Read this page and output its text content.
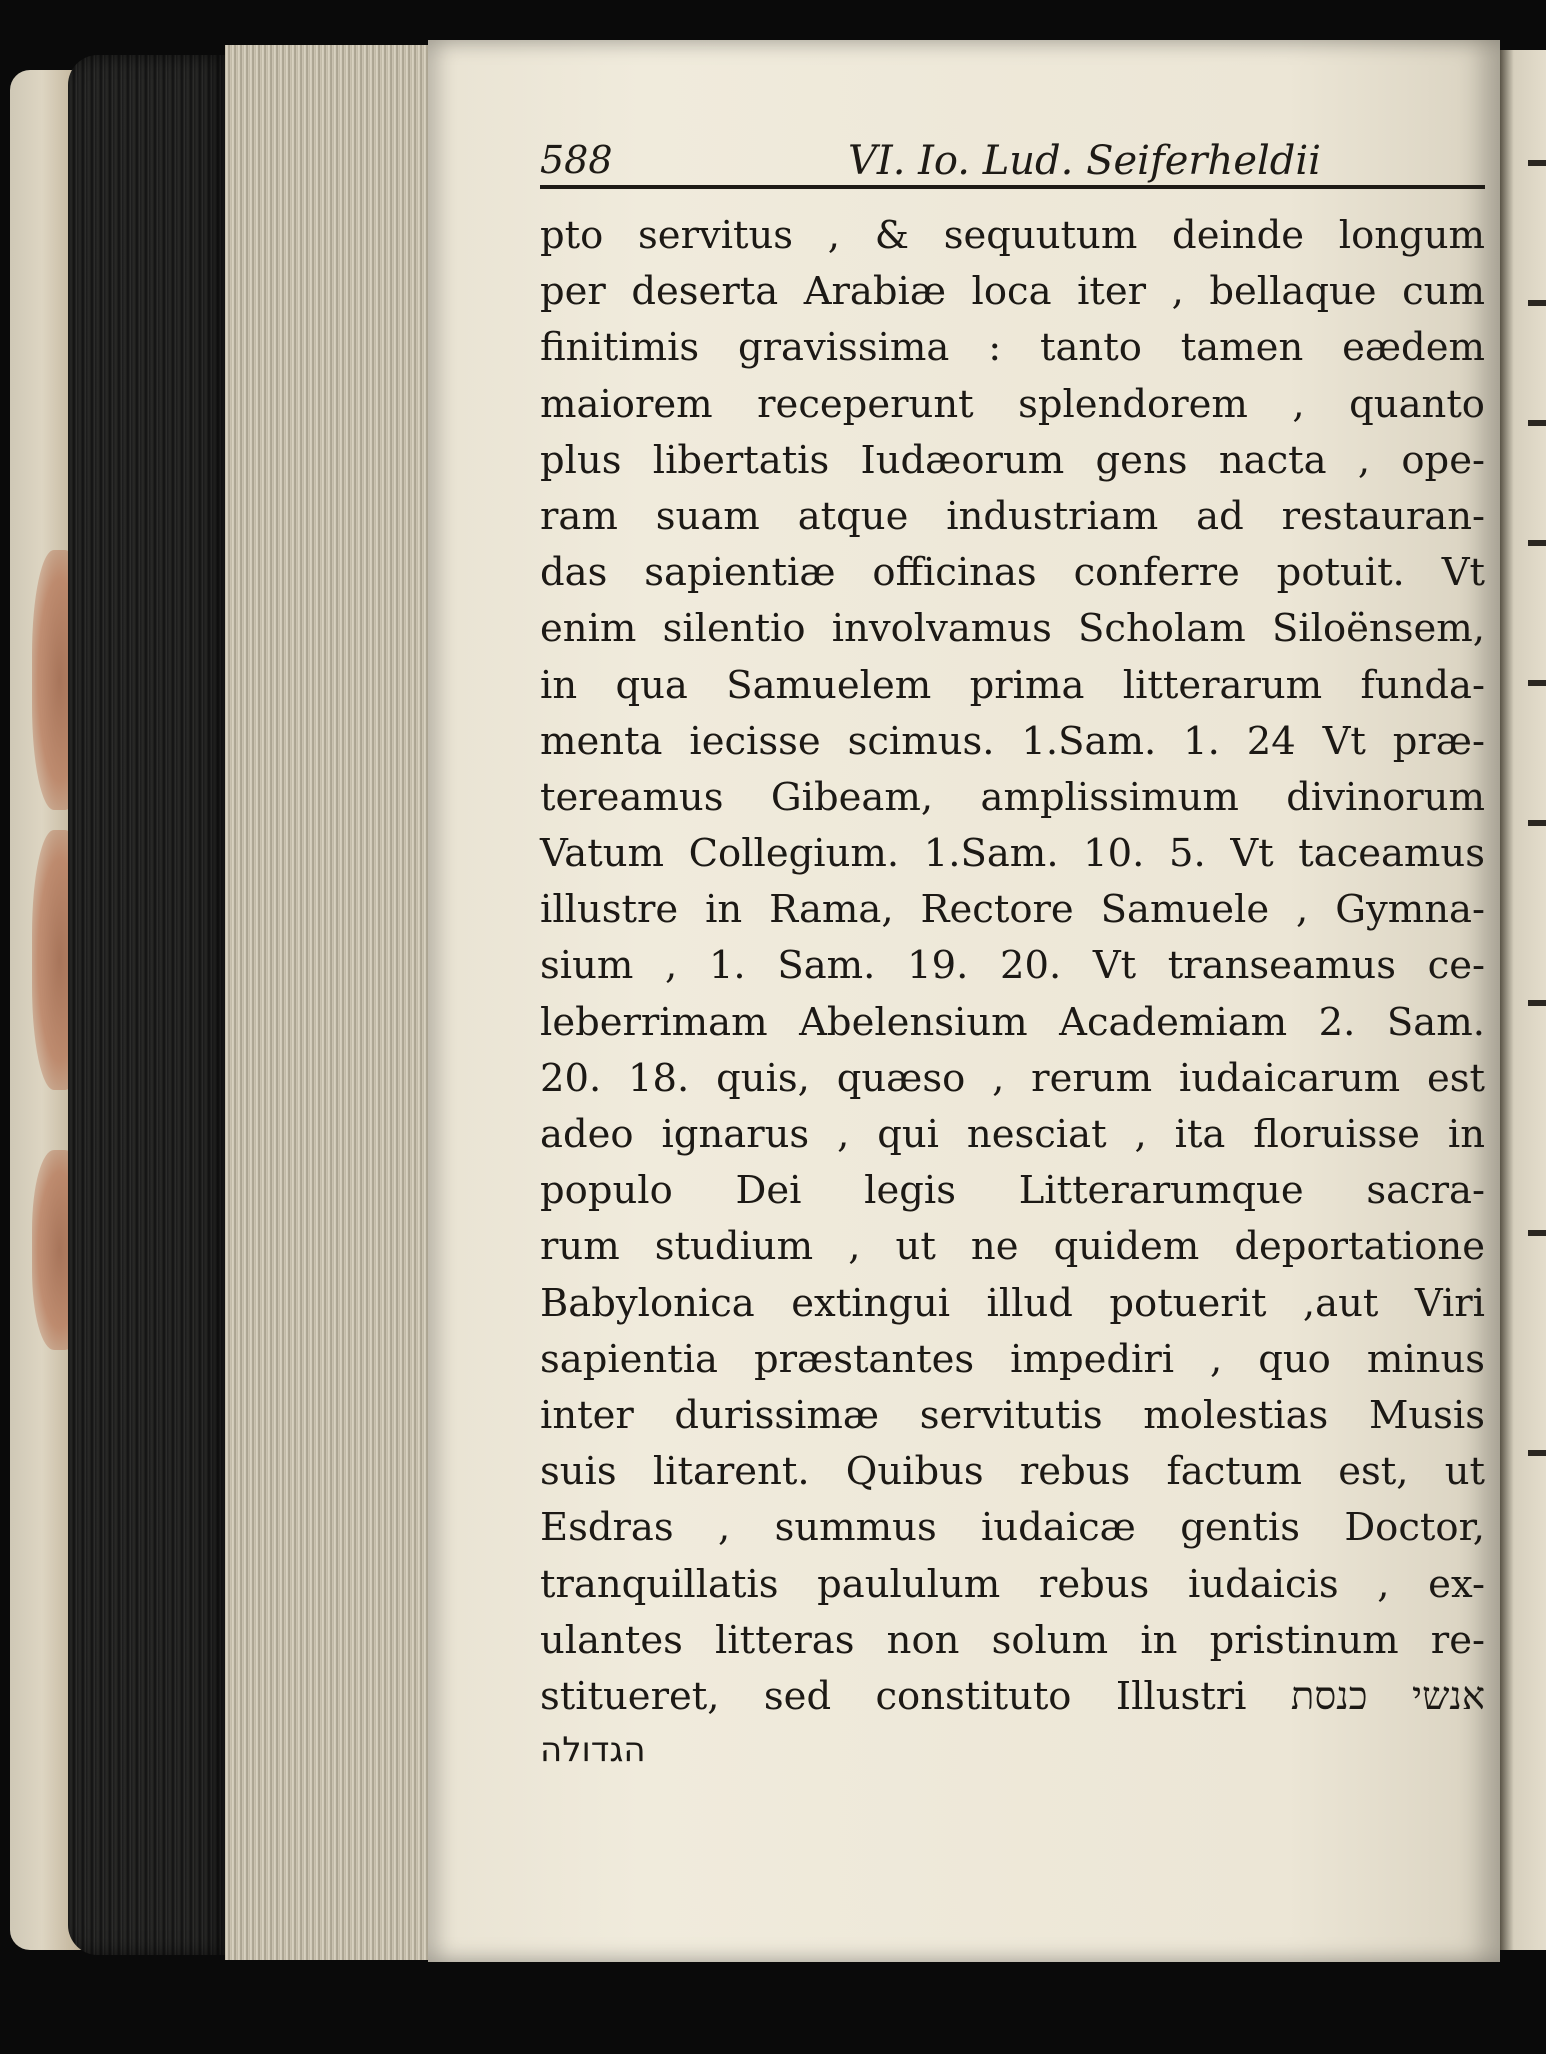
588	VI. Io. Lud. Seiferheldii
pto servitus , & sequutum deinde longum
per deserta Arabiæ loca iter , bellaque cum
finitimis gravissima : tanto tamen eædem
maiorem receperunt splendorem , quanto
plus libertatis Iudæorum gens nacta , ope-
ram suam atque industriam ad restauran-
das sapientiæ officinas conferre potuit. Vt
enim silentio involvamus Scholam Siloënsem,
in qua Samuelem prima litterarum funda-
menta iecisse scimus. 1.Sam. 1. 24 Vt præ-
tereamus Gibeam, amplissimum divinorum
Vatum Collegium. 1.Sam. 10. 5. Vt taceamus
illustre in Rama, Rectore Samuele , Gymna-
sium , 1. Sam. 19. 20. Vt transeamus ce-
leberrimam Abelensium Academiam 2. Sam.
20. 18. quis, quæso , rerum iudaicarum est
adeo ignarus , qui nesciat , ita floruisse in
populo Dei legis Litterarumque sacra-
rum studium , ut ne quidem deportatione
Babylonica extingui illud potuerit ,aut Viri
sapientia præstantes impediri , quo minus
inter durissimæ servitutis molestias Musis
suis litarent. Quibus rebus factum est, ut
Esdras , summus iudaicæ gentis Doctor,
tranquillatis paululum rebus iudaicis , ex-
ulantes litteras non solum in pristinum re-
stitueret, sed constituto Illustri אנשי כנסת
הגדולה
